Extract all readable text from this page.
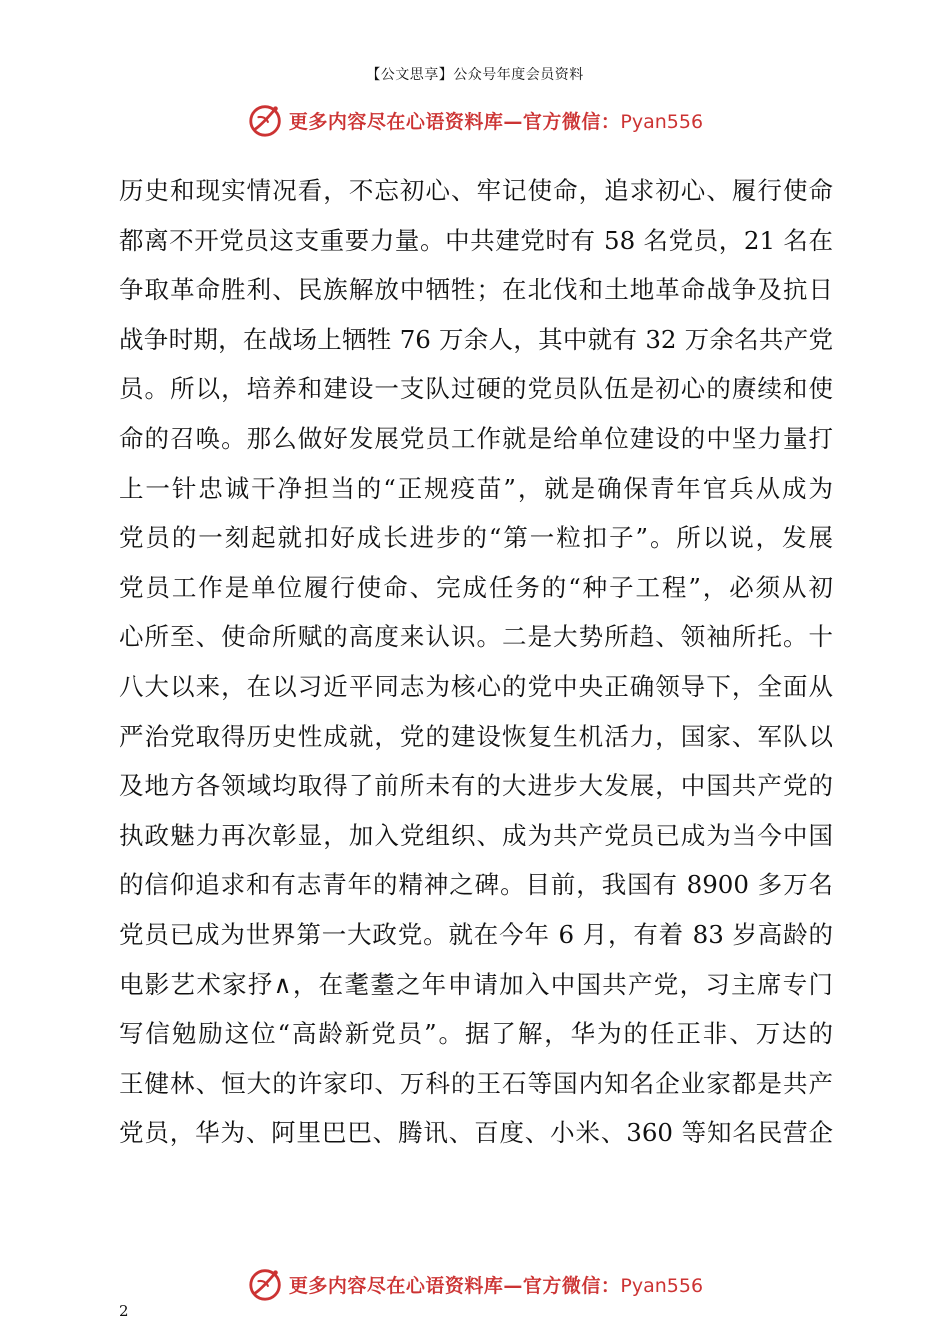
【公文思享】公众号年度会员资料
更多内容尽在心语资料库—官方微信：Pyan556
历史和现实情况看，不忘初心、牢记使命，追求初心、履行使命
都离不开党员这支重要力量。中共建党时有 58 名党员，21 名在
争取革命胜利、民族解放中牺牲；在北伐和土地革命战争及抗日
战争时期，在战场上牺牲 76 万余人，其中就有 32 万余名共产党
员。所以，培养和建设一支队过硬的党员队伍是初心的赓续和使
命的召唤。那么做好发展党员工作就是给单位建设的中坚力量打
上一针忠诚干净担当的“正规疫苗”，就是确保青年官兵从成为
党员的一刻起就扣好成长进步的“第一粒扣子”。所以说，发展
党员工作是单位履行使命、完成任务的“种子工程”，必须从初
心所至、使命所赋的高度来认识。二是大势所趋、领袖所托。十
八大以来，在以习近平同志为核心的党中央正确领导下，全面从
严治党取得历史性成就，党的建设恢复生机活力，国家、军队以
及地方各领域均取得了前所未有的大进步大发展，中国共产党的
执政魅力再次彰显，加入党组织、成为共产党员已成为当今中国
的信仰追求和有志青年的精神之碑。目前，我国有 8900 多万名
党员已成为世界第一大政党。就在今年 6 月，有着 83 岁高龄的
电影艺术家抒∧，在耄耋之年申请加入中国共产党，习主席专门
写信勉励这位“高龄新党员”。据了解，华为的任正非、万达的
王健林、恒大的许家印、万科的王石等国内知名企业家都是共产
党员，华为、阿里巴巴、腾讯、百度、小米、360 等知名民营企
更多内容尽在心语资料库—官方微信：Pyan556
2
